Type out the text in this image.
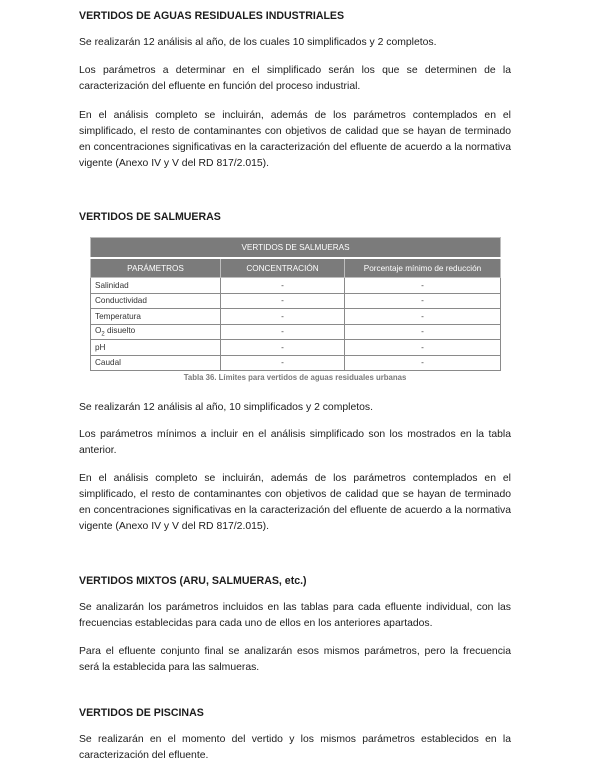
VERTIDOS DE AGUAS RESIDUALES INDUSTRIALES

Se realizarán 12 análisis al año, de los cuales 10 simplificados y 2 completos.

Los parámetros a determinar en el simplificado serán los que se determinen de la caracterización del efluente en función del proceso industrial.

En el análisis completo se incluirán, además de los parámetros contemplados en el simplificado, el resto de contaminantes con objetivos de calidad que se hayan de terminado en concentraciones significativas en la caracterización del efluente de acuerdo a la normativa vigente (Anexo IV y V del RD 817/2.015).

VERTIDOS DE SALMUERAS
VERTIDOS DE SALMUERAS		
PARÁMETROS	CONCENTRACIÓN	Porcentaje mínimo de reducción
Salinidad	-	-
Conductividad	-	-
Temperatura	-	-
$O_2$ disuelto	-	-
pH	-	-
Caudal	-	-
Tabla 36. Límites para vertidos de aguas residuales urbanas

Se realizarán 12 análisis al año, 10 simplificados y 2 completos.

Los parámetros mínimos a incluir en el análisis simplificado son los mostrados en la tabla anterior.

En el análisis completo se incluirán, además de los parámetros contemplados en el simplificado, el resto de contaminantes con objetivos de calidad que se hayan de terminado en concentraciones significativas en la caracterización del efluente de acuerdo a la normativa vigente (Anexo IV y V del RD 817/2.015).

VERTIDOS MIXTOS (ARU, SALMUERAS, etc.)

Se analizarán los parámetros incluidos en las tablas para cada efluente individual, con las frecuencias establecidas para cada uno de ellos en los anteriores apartados.

Para el efluente conjunto final se analizarán esos mismos parámetros, pero la frecuencia será la establecida para las salmueras.

VERTIDOS DE PISCINAS

Se realizarán en el momento del vertido y los mismos parámetros establecidos en la caracterización del efluente.
